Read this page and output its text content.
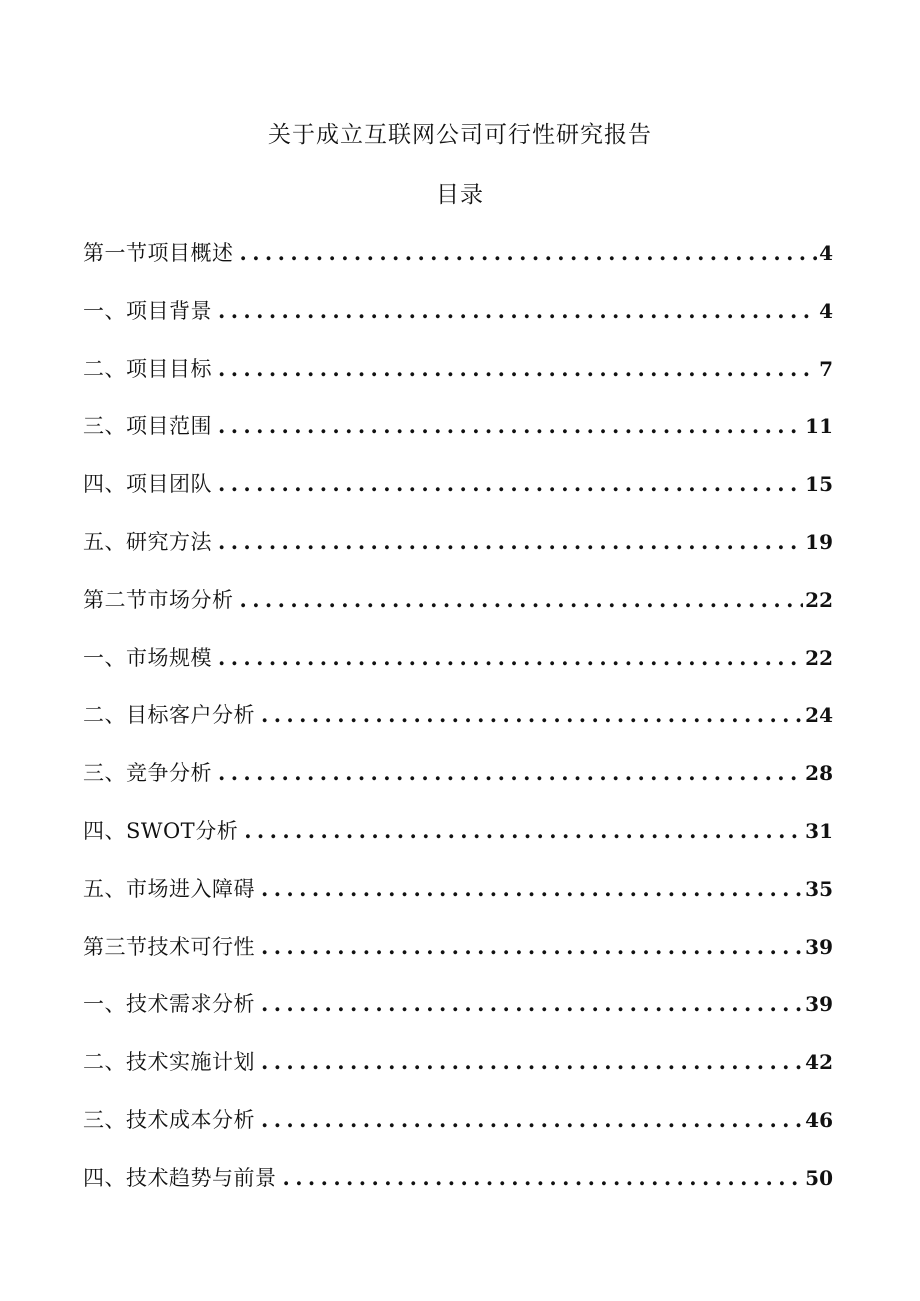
关于成立互联网公司可行性研究报告
目录
第一节项目概述 .....	4
一、项目背景 .....	4
二、项目目标 .....	7
三、项目范围 .....	11
四、项目团队 .....	15
五、研究方法 .....	19
第二节市场分析 .....	22
一、市场规模 .....	22
二、目标客户分析 .....	24
三、竞争分析 .....	28
四、SWOT分析 .....	31
五、市场进入障碍 .....	35
第三节技术可行性 .....	39
一、技术需求分析 .....	39
二、技术实施计划 .....	42
三、技术成本分析 .....	46
四、技术趋势与前景 .....	50
